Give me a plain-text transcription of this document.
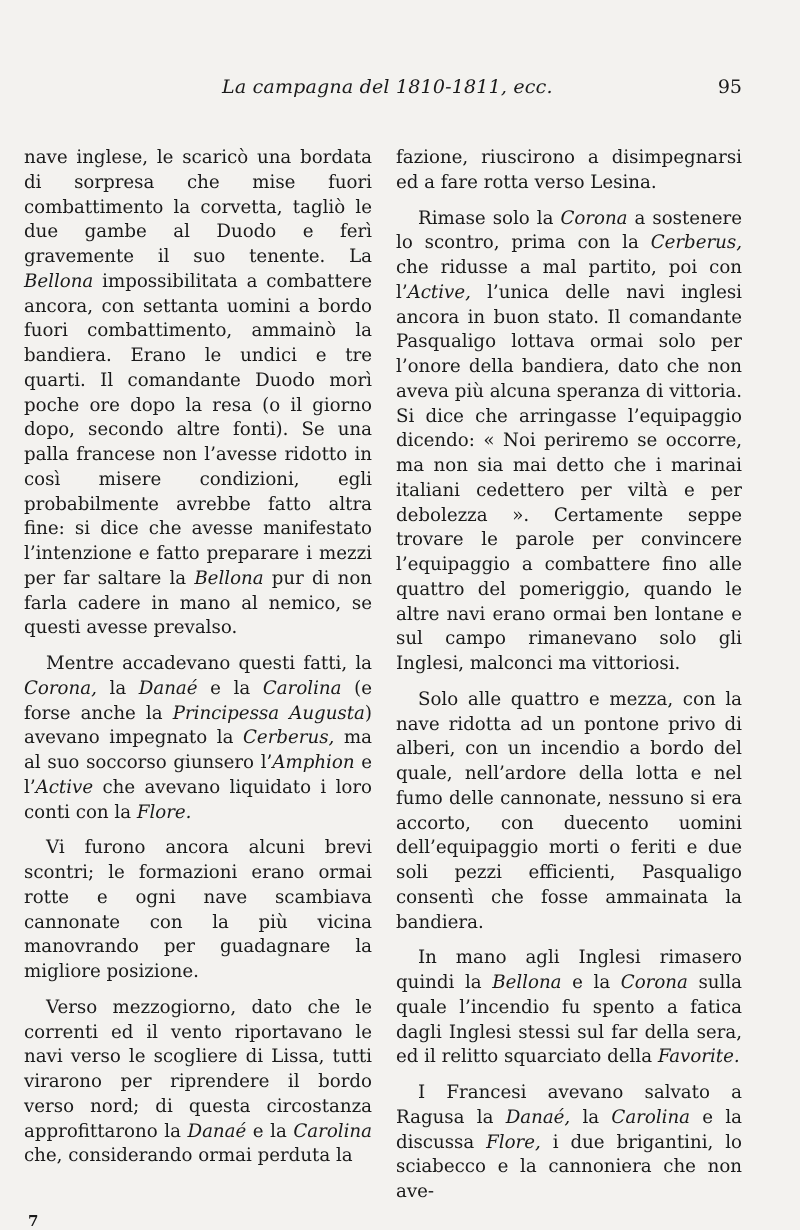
La campagna del 1810-1811, ecc.	95

nave inglese, le scaricò una bordata di sorpresa che mise fuori combattimento la corvetta, tagliò le due gambe al Duodo e ferì gravemente il suo tenente. La Bellona impossibilitata a combattere ancora, con settanta uomini a bordo fuori combattimento, ammainò la bandiera. Erano le undici e tre quarti. Il comandante Duodo morì poche ore dopo la resa (o il giorno dopo, secondo altre fonti). Se una palla francese non l’avesse ridotto in così misere condizioni, egli probabilmente avrebbe fatto altra fine: si dice che avesse manifestato l’intenzione e fatto preparare i mezzi per far saltare la Bellona pur di non farla cadere in mano al nemico, se questi avesse prevalso.

Mentre accadevano questi fatti, la Corona, la Danaé e la Carolina (e forse anche la Principessa Augusta) avevano impegnato la Cerberus, ma al suo soccorso giunsero l’Amphion e l’Active che avevano liquidato i loro conti con la Flore.

Vi furono ancora alcuni brevi scontri; le formazioni erano ormai rotte e ogni nave scambiava cannonate con la più vicina manovrando per guadagnare la migliore posizione.

Verso mezzogiorno, dato che le correnti ed il vento riportavano le navi verso le scogliere di Lissa, tutti virarono per riprendere il bordo verso nord; di questa circostanza approfittarono la Danaé e la Carolina che, considerando ormai perduta la

fazione, riuscirono a disimpegnarsi ed a fare rotta verso Lesina.

Rimase solo la Corona a sostenere lo scontro, prima con la Cerberus, che ridusse a mal partito, poi con l’Active, l’unica delle navi inglesi ancora in buon stato. Il comandante Pasqualigo lottava ormai solo per l’onore della bandiera, dato che non aveva più alcuna speranza di vittoria. Si dice che arringasse l’equipaggio dicendo: « Noi periremo se occorre, ma non sia mai detto che i marinai italiani cedettero per viltà e per debolezza ». Certamente seppe trovare le parole per convincere l’equipaggio a combattere fino alle quattro del pomeriggio, quando le altre navi erano ormai ben lontane e sul campo rimanevano solo gli Inglesi, malconci ma vittoriosi.

Solo alle quattro e mezza, con la nave ridotta ad un pontone privo di alberi, con un incendio a bordo del quale, nell’ardore della lotta e nel fumo delle cannonate, nessuno si era accorto, con duecento uomini dell’equipaggio morti o feriti e due soli pezzi efficienti, Pasqualigo consentì che fosse ammainata la bandiera.

In mano agli Inglesi rimasero quindi la Bellona e la Corona sulla quale l’incendio fu spento a fatica dagli Inglesi stessi sul far della sera, ed il relitto squarciato della Favorite.

I Francesi avevano salvato a Ragusa la Danaé, la Carolina e la discussa Flore, i due brigantini, lo sciabecco e la cannoniera che non ave-

7
